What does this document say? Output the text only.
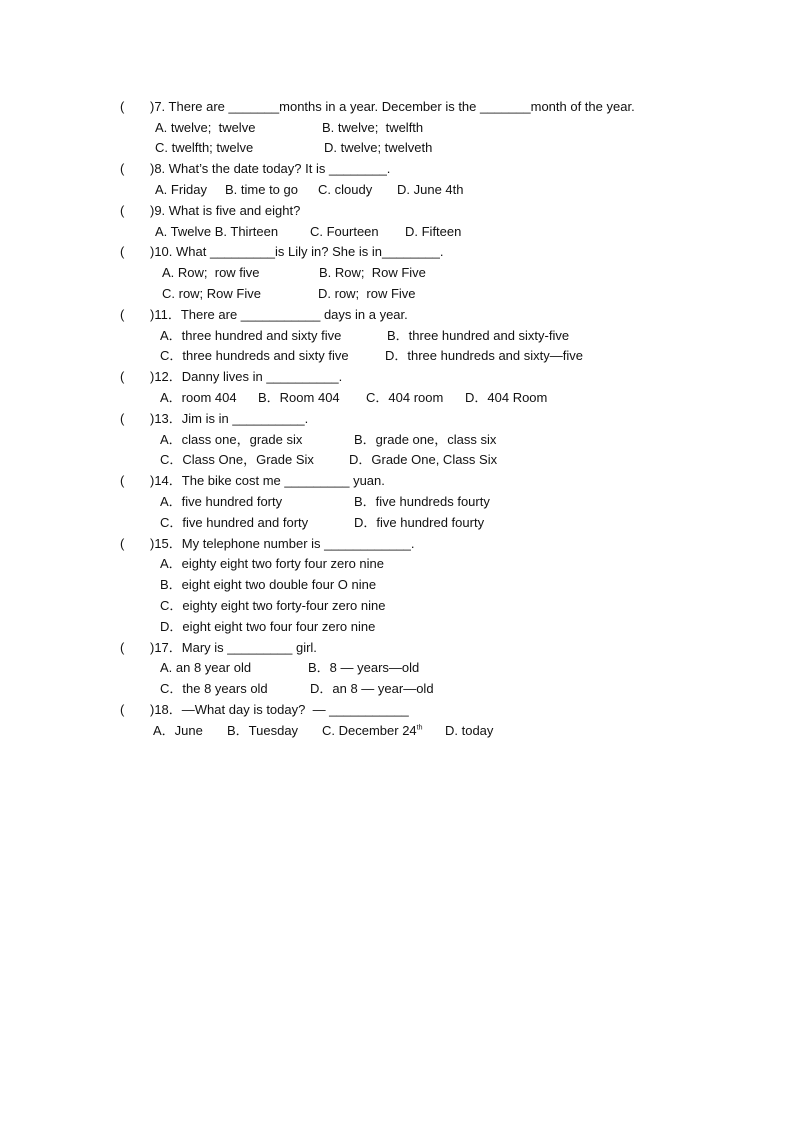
( )7. There are _______months in a year. December is the _______month of the year.
A. twelve;  twelve	B. twelve;  twelfth
C. twelfth; twelve	D. twelve; twelveth
( )8. What’s the date today? It is ________.
A. Friday B. time to go C. cloudy D. June 4th
( )9. What is five and eight?
A. Twelve B. Thirteen C. Fourteen D. Fifteen
( )10. What _________is Lily in? She is in________.
A. Row;  row five	B. Row;  Row Five
C. row; Row Five	D. row;  row Five
( )11．There are ___________ days in a year.
A．three hundred and sixty five	B．three hundred and sixty-five
C．three hundreds and sixty five	D．three hundreds and sixty—five
( )12．Danny lives in __________.
A．room 404 B．Room 404 C．404 room D．404 Room
( )13．Jim is in __________.
A．class one，grade six	B．grade one，class six
C．Class One，Grade Six	D．Grade One, Class Six
( )14．The bike cost me _________ yuan.
A．five hundred forty	B．five hundreds fourty
C．five hundred and forty	D．five hundred fourty
( )15．My telephone number is ____________.
A．eighty eight two forty four zero nine
B．eight eight two double four O nine
C．eighty eight two forty-four zero nine
D．eight eight two four four zero nine
( )17．Mary is _________ girl.
A. an 8 year old	B．8 — years—old
C．the 8 years old	D．an 8 — year—old
( )18．—What day is today?  — ___________
A．June B．Tuesday C. December 24th D. today
